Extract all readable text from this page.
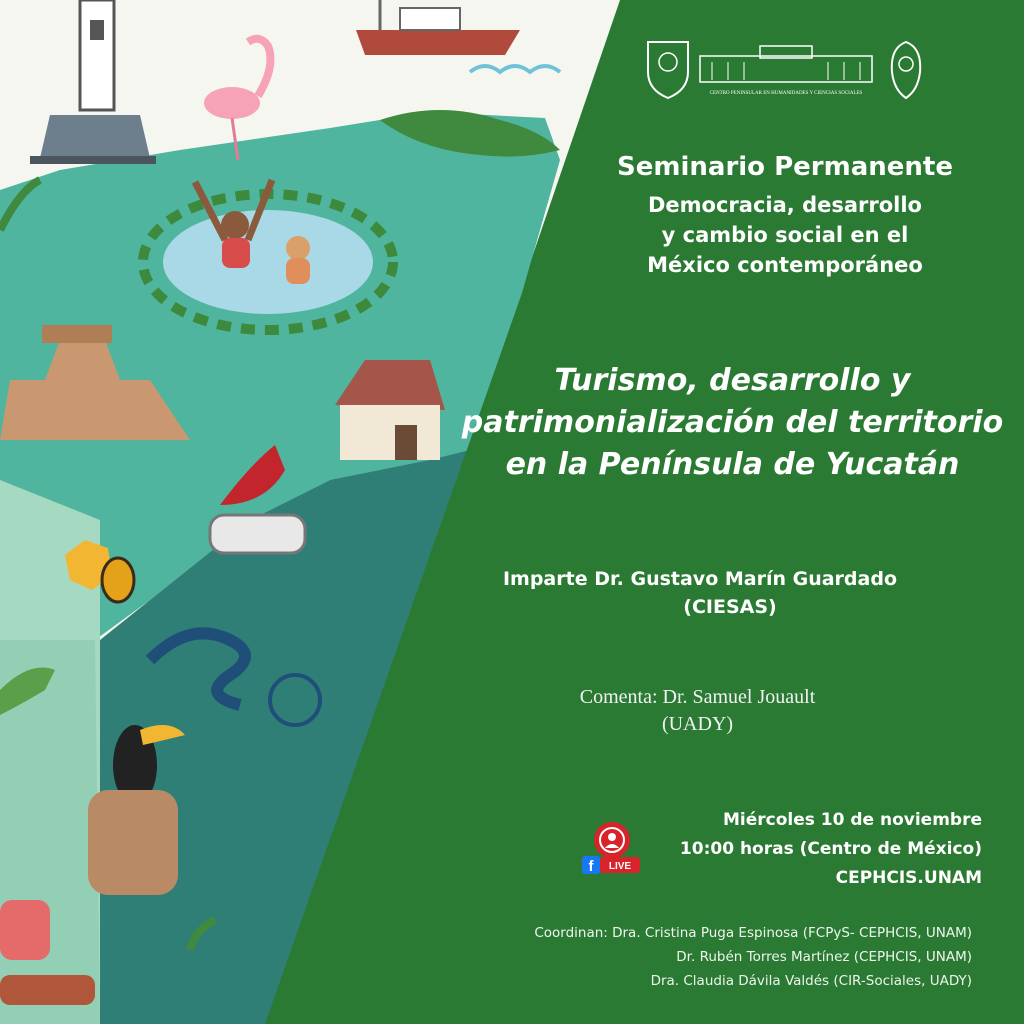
CENTRO PENINSULAR EN HUMANIDADES Y CIENCIAS SOCIALES
Seminario Permanente
Democracia, desarrollo
y cambio social en el
México contemporáneo
Turismo, desarrollo y
patrimonialización del territorio
en la Península de Yucatán
Imparte Dr. Gustavo Marín Guardado
(CIESAS)
Comenta: Dr. Samuel Jouault
(UADY)
f LIVE
Miércoles 10 de noviembre
10:00 horas (Centro de México)
CEPHCIS.UNAM
Coordinan: Dra. Cristina Puga Espinosa (FCPyS- CEPHCIS, UNAM)
Dr. Rubén Torres Martínez (CEPHCIS, UNAM)
Dra. Claudia Dávila Valdés (CIR-Sociales, UADY)
